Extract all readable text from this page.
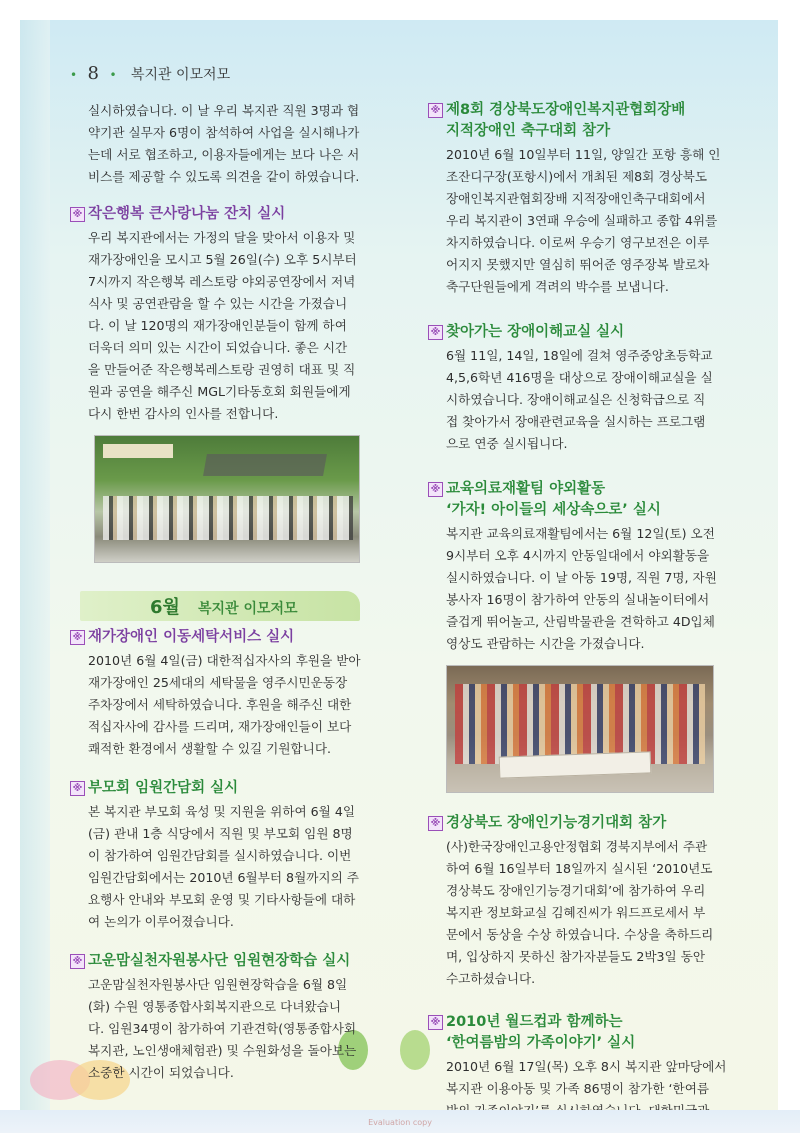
• 8 • 복지관 이모저모
실시하였습니다. 이 날 우리 복지관 직원 3명과 협
약기관 실무자 6명이 참석하여 사업을 실시해나가
는데 서로 협조하고, 이용자들에게는 보다 나은 서
비스를 제공할 수 있도록 의견을 같이 하였습니다.
※ 작은행복 큰사랑나눔 잔치 실시
우리 복지관에서는 가정의 달을 맞아서 이용자 및
재가장애인을 모시고 5월 26일(수) 오후 5시부터
7시까지 작은행복 레스토랑 야외공연장에서 저녁
식사 및 공연관람을 할 수 있는 시간을 가졌습니
다. 이 날 120명의 재가장애인분들이 함께 하여
더욱더 의미 있는 시간이 되었습니다. 좋은 시간
을 만들어준 작은행복레스토랑 권영히 대표 및 직
원과 공연을 해주신 MGL기타동호회 회원들에게
다시 한번 감사의 인사를 전합니다.
6월 복지관 이모저모
※ 재가장애인 이동세탁서비스 실시
2010년 6월 4일(금) 대한적십자사의 후원을 받아
재가장애인 25세대의 세탁물을 영주시민운동장
주차장에서 세탁하였습니다. 후원을 해주신 대한
적십자사에 감사를 드리며, 재가장애인들이 보다
쾌적한 환경에서 생활할 수 있길 기원합니다.
※ 부모회 임원간담회 실시
본 복지관 부모회 육성 및 지원을 위하여 6월 4일
(금) 관내 1층 식당에서 직원 및 부모회 임원 8명
이 참가하여 임원간담회를 실시하였습니다. 이번
임원간담회에서는 2010년 6월부터 8월까지의 주
요행사 안내와 부모회 운영 및 기타사항들에 대하
여 논의가 이루어졌습니다.
※ 고운맘실천자원봉사단 임원현장학습 실시
고운맘실천자원봉사단 임원현장학습을 6월 8일
(화) 수원 영통종합사회복지관으로 다녀왔습니
다. 임원34명이 참가하여 기관견학(영통종합사회
복지관, 노인생애체험관) 및 수원화성을 돌아보는
소중한 시간이 되었습니다.
※ 제8회 경상북도장애인복지관협회장배
지적장애인 축구대회 참가
2010년 6월 10일부터 11일, 양일간 포항 흥해 인
조잔디구장(포항시)에서 개최된 제8회 경상북도
장애인복지관협회장배 지적장애인축구대회에서
우리 복지관이 3연패 우승에 실패하고 종합 4위를
차지하였습니다. 이로써 우승기 영구보전은 이루
어지지 못했지만 열심히 뛰어준 영주장복 발로차
축구단원들에게 격려의 박수를 보냅니다.
※ 찾아가는 장애이해교실 실시
6월 11일, 14일, 18일에 걸쳐 영주중앙초등학교
4,5,6학년 416명을 대상으로 장애이해교실을 실
시하였습니다. 장애이해교실은 신청학급으로 직
접 찾아가서 장애관련교육을 실시하는 프로그램
으로 연중 실시됩니다.
※ 교육의료재활팀 야외활동
‘가자! 아이들의 세상속으로’ 실시
복지관 교육의료재활팀에서는 6월 12일(토) 오전
9시부터 오후 4시까지 안동일대에서 야외활동을
실시하였습니다. 이 날 아동 19명, 직원 7명, 자원
봉사자 16명이 참가하여 안동의 실내놀이터에서
즐겁게 뛰어놀고, 산림박물관을 견학하고 4D입체
영상도 관람하는 시간을 가졌습니다.
※ 경상북도 장애인기능경기대회 참가
(사)한국장애인고용안정협회 경북지부에서 주관
하여 6월 16일부터 18일까지 실시된 ‘2010년도
경상북도 장애인기능경기대회’에 참가하여 우리
복지관 정보화교실 김혜진씨가 워드프로세서 부
문에서 동상을 수상 하였습니다. 수상을 축하드리
며, 입상하지 못하신 참가자분들도 2박3일 동안
수고하셨습니다.
※ 2010년 월드컵과 함께하는
‘한여름밤의 가족이야기’ 실시
2010년 6월 17일(목) 오후 8시 복지관 앞마당에서
복지관 이용아동 및 가족 86명이 참가한 ‘한여름
Evaluation copy
